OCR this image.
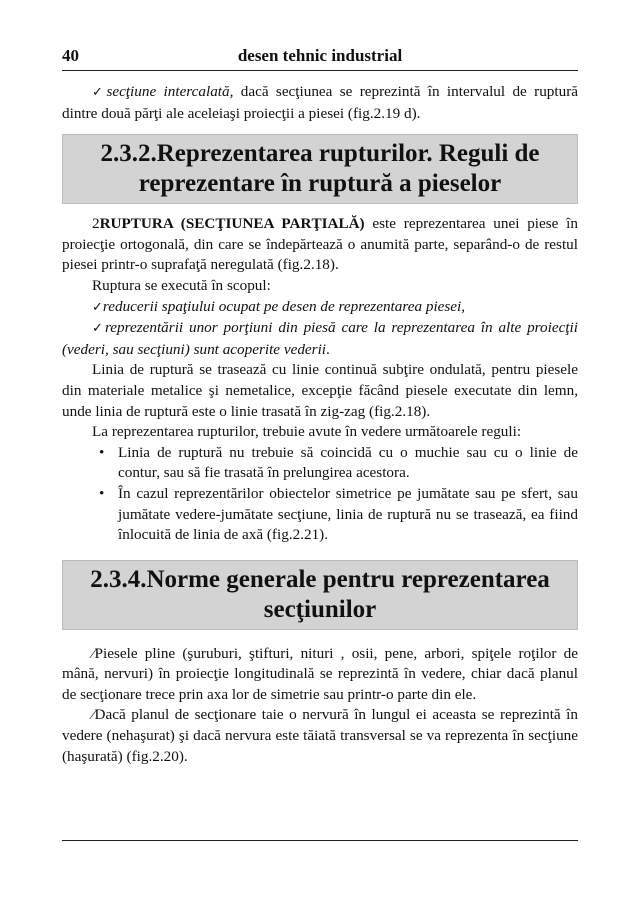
40	desen tehnic industrial

✓secţiune intercalată, dacă secţiunea se reprezintă în intervalul de ruptură dintre două părţi ale aceleiaşi proiecţii a piesei (fig.2.19 d).

2.3.2.Reprezentarea rupturilor. Reguli de reprezentare în ruptură a pieselor

2RUPTURA (SECŢIUNEA PARŢIALĂ) este reprezentarea unei piese în proiecţie ortogonală, din care se îndepărtează o anumită parte, separând-o de restul piesei printr-o suprafaţă neregulată (fig.2.18).

Ruptura se execută în scopul:

✓reducerii spaţiului ocupat pe desen de reprezentarea piesei,

✓reprezentării unor porţiuni din piesă care la reprezentarea în alte proiecţii (vederi, sau secţiuni) sunt acoperite vederii.

Linia de ruptură se trasează cu linie continuă subţire ondulată, pentru piesele din materiale metalice şi nemetalice, excepţie făcând piesele executate din lemn, unde linia de ruptură este o linie trasată în zig-zag (fig.2.18).

La reprezentarea rupturilor, trebuie avute în vedere următoarele reguli:

• Linia de ruptură nu trebuie să coincidă cu o muchie sau cu o linie de contur, sau să fie trasată în prelungirea acestora.
• În cazul reprezentărilor obiectelor simetrice pe jumătate sau pe sfert, sau jumătate vedere-jumătate secţiune, linia de ruptură nu se trasează, ea fiind înlocuită de linia de axă (fig.2.21).
2.3.4.Norme generale pentru reprezentarea secţiunilor

⁄Piesele pline (şuruburi, ştifturi, nituri , osii, pene, arbori, spiţele roţilor de mână, nervuri) în proiecţie longitudinală se reprezintă în vedere, chiar dacă planul de secţionare trece prin axa lor de simetrie sau printr-o parte din ele.

⁄Dacă planul de secţionare taie o nervură în lungul ei aceasta se reprezintă în vedere (nehaşurat) şi dacă nervura este tăiată transversal se va reprezenta în secţiune (haşurată) (fig.2.20).
